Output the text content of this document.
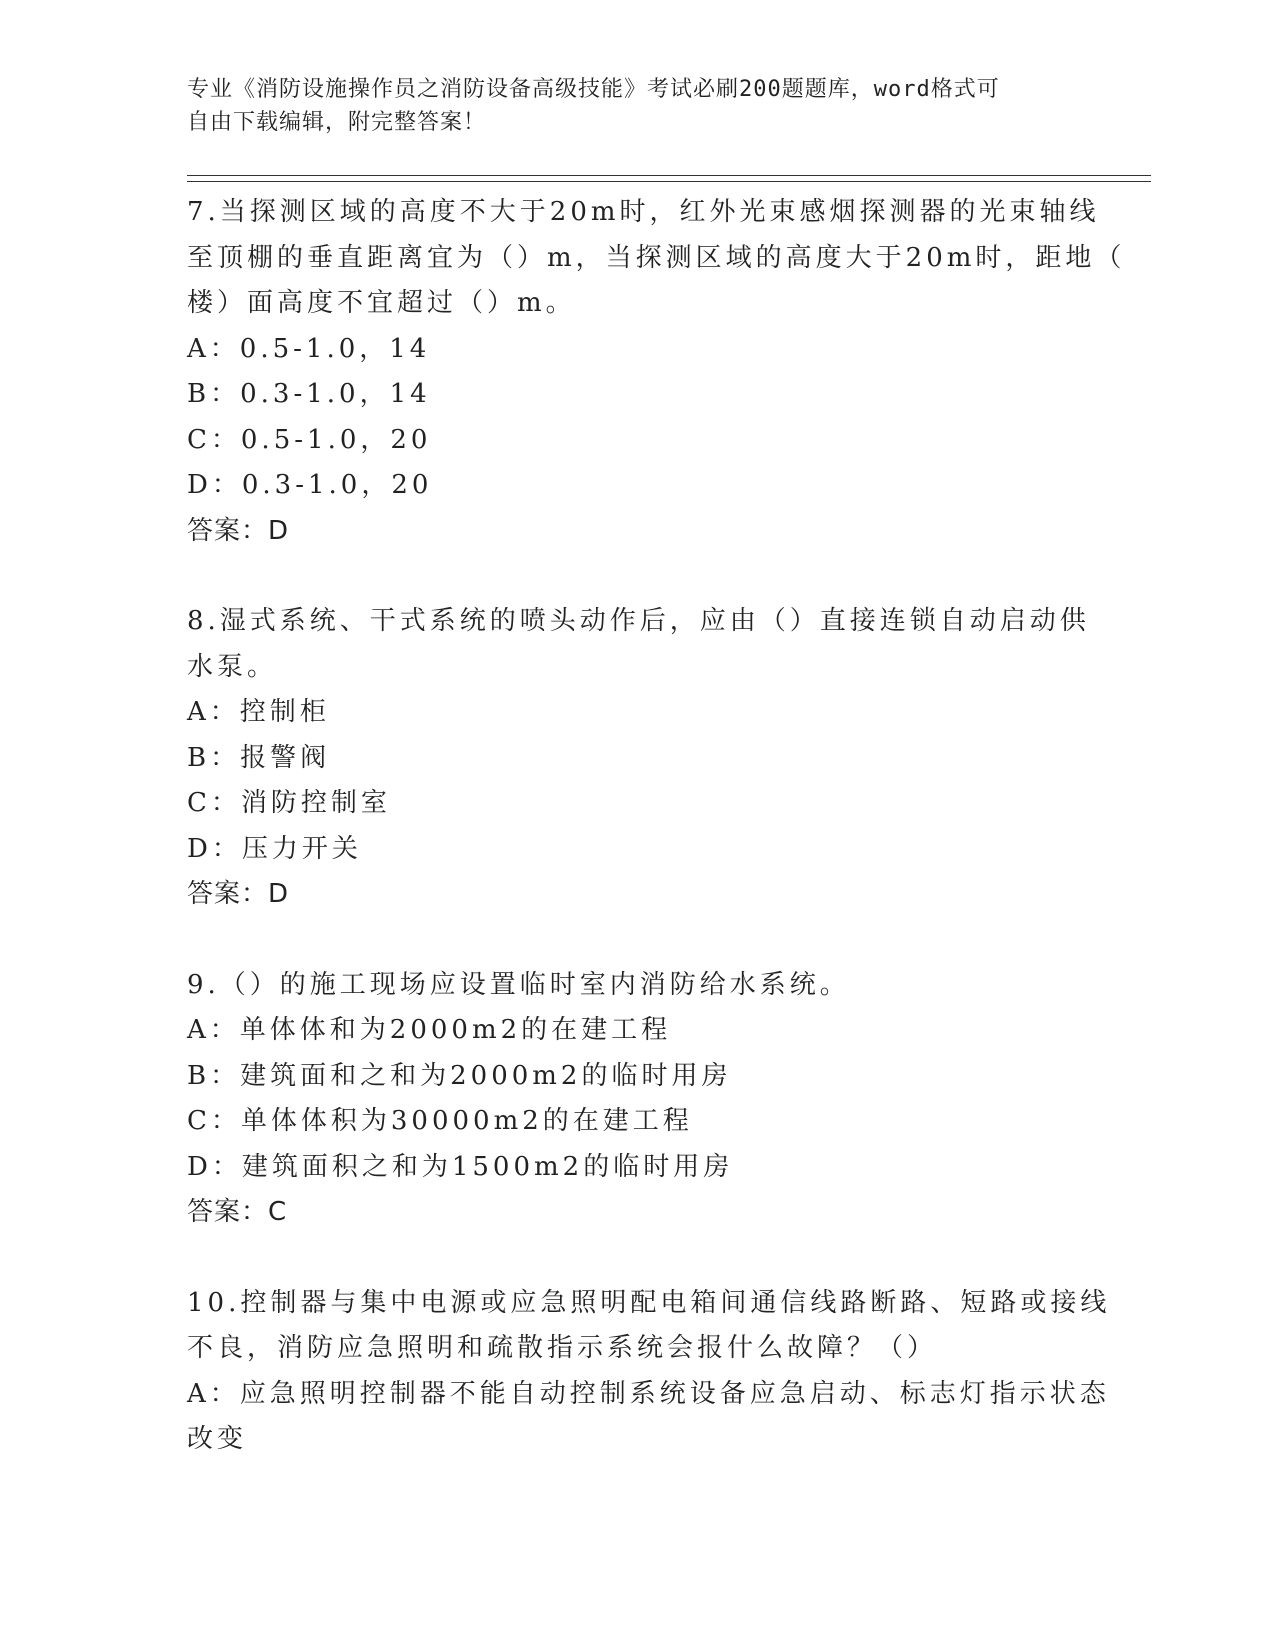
专业《消防设施操作员之消防设备高级技能》考试必刷200题题库，word格式可
自由下载编辑，附完整答案！
7.当探测区域的高度不大于20m时，红外光束感烟探测器的光束轴线
至顶棚的垂直距离宜为（）m，当探测区域的高度大于20m时，距地（
楼）面高度不宜超过（）m。
A：0.5-1.0，14
B：0.3-1.0，14
C：0.5-1.0，20
D：0.3-1.0，20
答案：D
8.湿式系统、干式系统的喷头动作后，应由（）直接连锁自动启动供
水泵。
A：控制柜
B：报警阀
C：消防控制室
D：压力开关
答案：D
9.（）的施工现场应设置临时室内消防给水系统。
A：单体体和为2000m2的在建工程
B：建筑面和之和为2000m2的临时用房
C：单体体积为30000m2的在建工程
D：建筑面积之和为1500m2的临时用房
答案：C
10.控制器与集中电源或应急照明配电箱间通信线路断路、短路或接线
不良，消防应急照明和疏散指示系统会报什么故障？（）
A：应急照明控制器不能自动控制系统设备应急启动、标志灯指示状态
改变
